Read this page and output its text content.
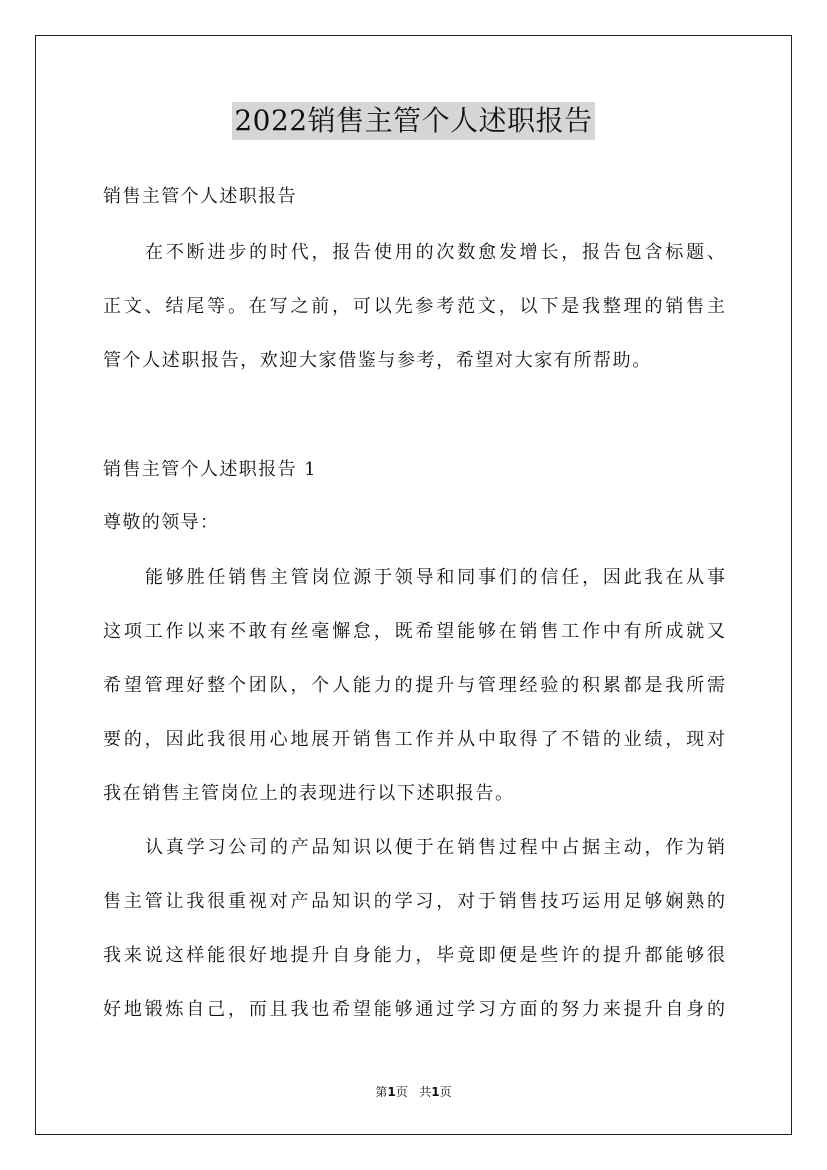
2022销售主管个人述职报告
销售主管个人述职报告
在不断进步的时代，报告使用的次数愈发增长，报告包含标题、
正文、结尾等。在写之前，可以先参考范文，以下是我整理的销售主
管个人述职报告，欢迎大家借鉴与参考，希望对大家有所帮助。
销售主管个人述职报告 1
尊敬的领导：
能够胜任销售主管岗位源于领导和同事们的信任，因此我在从事
这项工作以来不敢有丝毫懈怠，既希望能够在销售工作中有所成就又
希望管理好整个团队，个人能力的提升与管理经验的积累都是我所需
要的，因此我很用心地展开销售工作并从中取得了不错的业绩，现对
我在销售主管岗位上的表现进行以下述职报告。
认真学习公司的产品知识以便于在销售过程中占据主动，作为销
售主管让我很重视对产品知识的学习，对于销售技巧运用足够娴熟的
我来说这样能很好地提升自身能力，毕竟即便是些许的提升都能够很
好地锻炼自己，而且我也希望能够通过学习方面的努力来提升自身的
第1页 共1页
